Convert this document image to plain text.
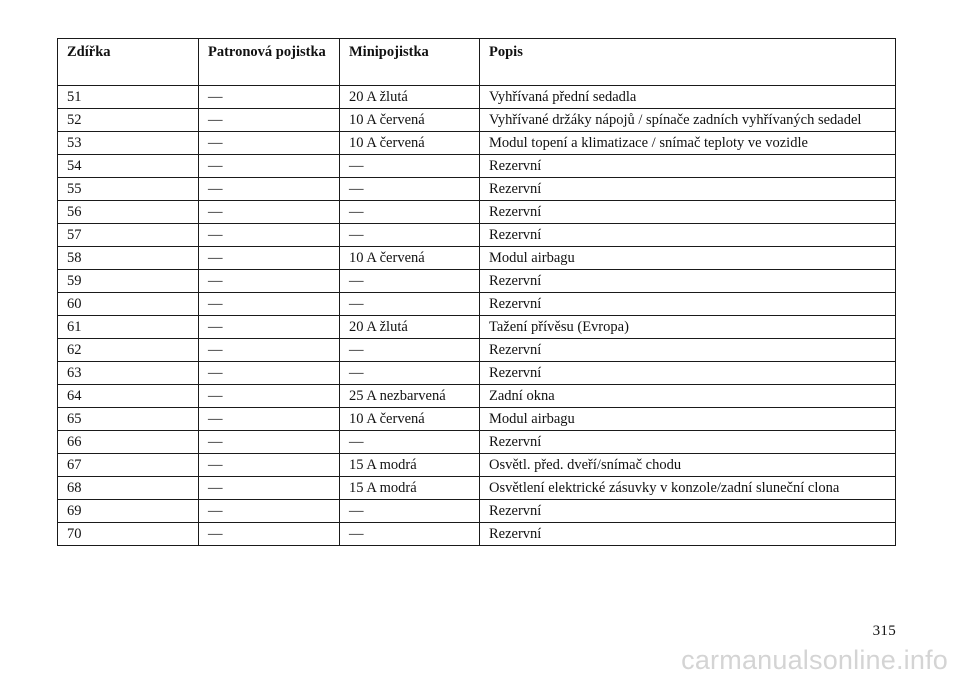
Zdířka	Patronová pojistka	Minipojistka	Popis
51	—	20 A žlutá	Vyhřívaná přední sedadla
52	—	10 A červená	Vyhřívané držáky nápojů / spínače zadních vyhřívaných sedadel
53	—	10 A červená	Modul topení a klimatizace / snímač teploty ve vozidle
54	—	—	Rezervní
55	—	—	Rezervní
56	—	—	Rezervní
57	—	—	Rezervní
58	—	10 A červená	Modul airbagu
59	—	—	Rezervní
60	—	—	Rezervní
61	—	20 A žlutá	Tažení přívěsu (Evropa)
62	—	—	Rezervní
63	—	—	Rezervní
64	—	25 A nezbarvená	Zadní okna
65	—	10 A červená	Modul airbagu
66	—	—	Rezervní
67	—	15 A modrá	Osvětl. před. dveří/snímač chodu
68	—	15 A modrá	Osvětlení elektrické zásuvky v konzole/zadní sluneční clona
69	—	—	Rezervní
70	—	—	Rezervní
315
carmanualsonline.info
